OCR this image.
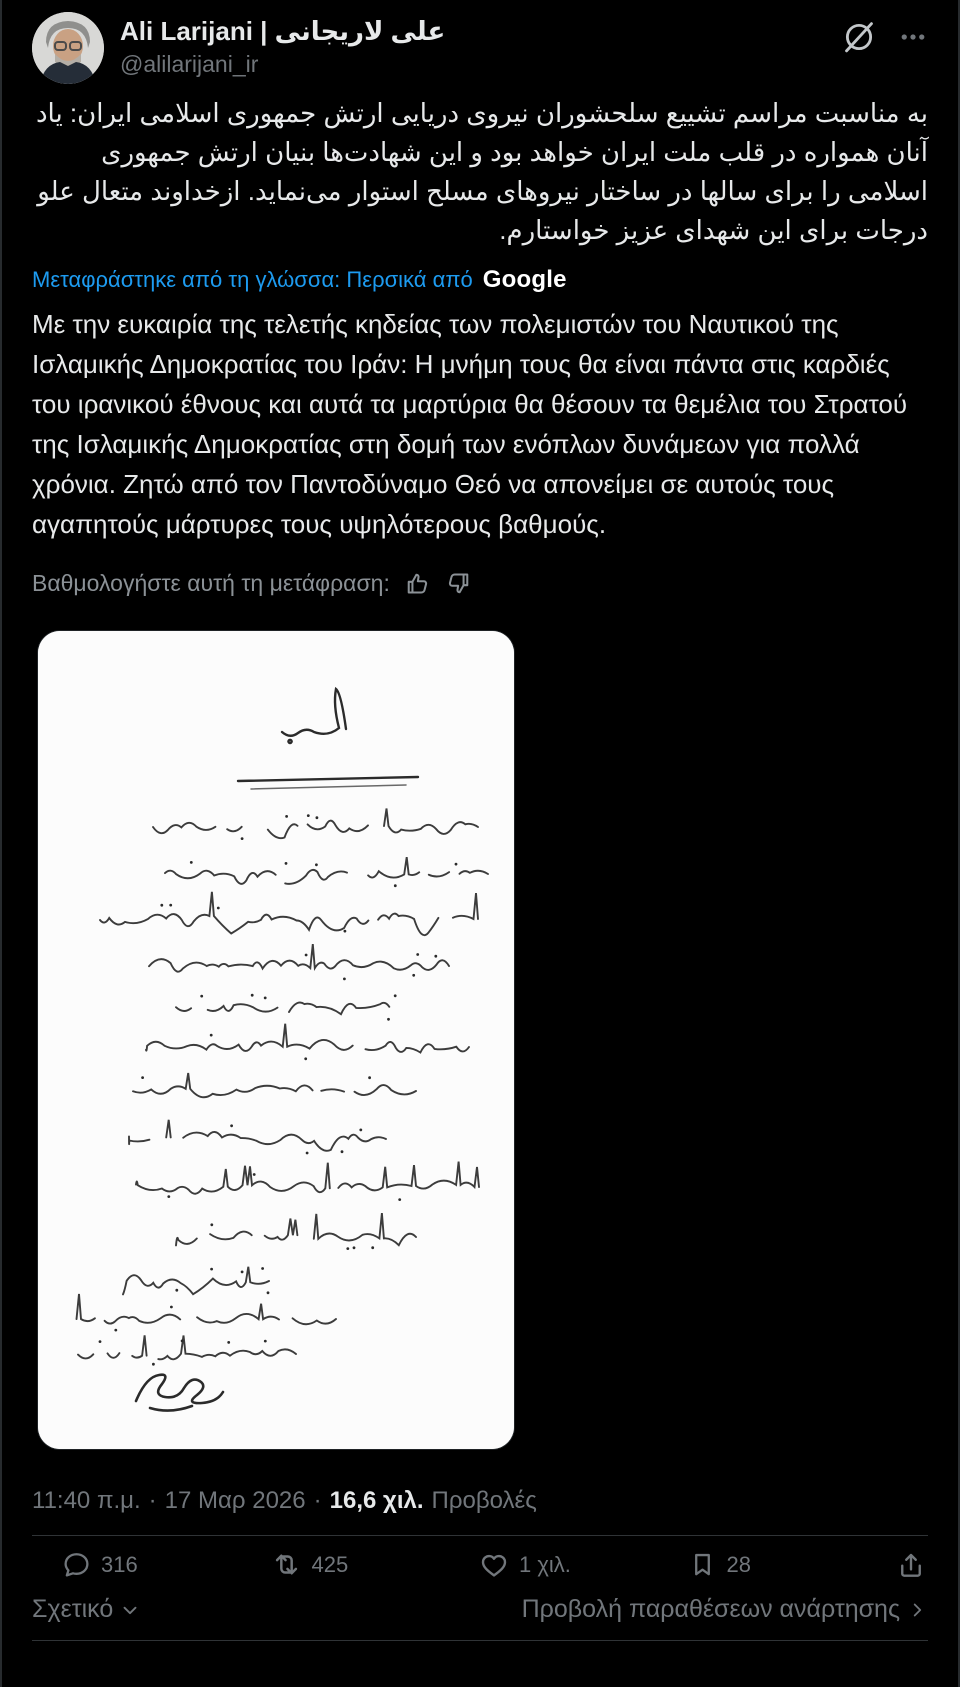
Ali Larijani | على لاريجانى
@alilarijani_ir
به مناسبت مراسم تشییع سلحشوران نیروی دریایی ارتش جمهوری اسلامی ایران: یاد آنان همواره در قلب ملت ایران خواهد بود و این شهادت‌ها بنیان ارتش جمهوری اسلامی را برای سالها در ساختار نیروهای مسلح استوار می‌نماید. ازخداوند متعال علو درجات برای این شهدای عزیز خواستارم.
Μεταφράστηκε από τη γλώσσα: Περσικά από Google
Με την ευκαιρία της τελετής κηδείας των πολεμιστών του Ναυτικού της Ισλαμικής Δημοκρατίας του Ιράν: Η μνήμη τους θα είναι πάντα στις καρδιές του ιρανικού έθνους και αυτά τα μαρτύρια θα θέσουν τα θεμέλια του Στρατού της Ισλαμικής Δημοκρατίας στη δομή των ενόπλων δυνάμεων για πολλά χρόνια. Ζητώ από τον Παντοδύναμο Θεό να απονείμει σε αυτούς τους αγαπητούς μάρτυρες τους υψηλότερους βαθμούς.
Βαθμολογήστε αυτή τη μετάφραση:
11:40 π.μ. · 17 Μαρ 2026 · 16,6 χιλ. Προβολές
316	425	1 χιλ.	28
Σχετικό	Προβολή παραθέσεων ανάρτησης
